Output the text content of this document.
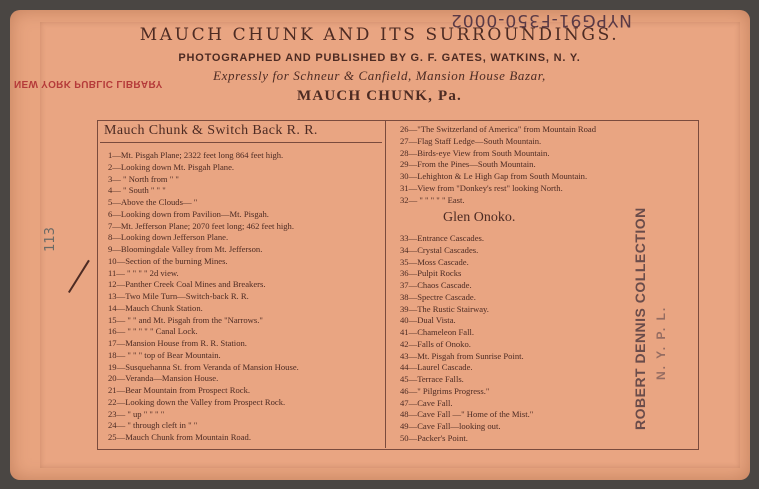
NYPG91-F350-0002
NEW YORK PUBLIC LIBRARY
MAUCH CHUNK AND ITS SURROUNDINGS.
PHOTOGRAPHED AND PUBLISHED BY G. F. GATES, WATKINS, N. Y.
Expressly for Schneur & Canfield, Mansion House Bazar,
MAUCH CHUNK, Pa.
113
Mauch Chunk & Switch Back R. R.
1—Mt. Pisgah Plane; 2322 feet long 864 feet high.
2—Looking down Mt. Pisgah Plane.
3— " North from " "
4— " South " " "
5—Above the Clouds— "
6—Looking down from Pavilion—Mt. Pisgah.
7—Mt. Jefferson Plane; 2070 feet long; 462 feet high.
8—Looking down Jefferson Plane.
9—Bloomingdale Valley from Mt. Jefferson.
10—Section of the burning Mines.
11— " " " " 2d view.
12—Panther Creek Coal Mines and Breakers.
13—Two Mile Turn—Switch-back R. R.
14—Mauch Chunk Station.
15— " " and Mt. Pisgah from the "Narrows."
16— " " " " " Canal Lock.
17—Mansion House from R. R. Station.
18— " " " top of Bear Mountain.
19—Susquehanna St. from Veranda of Mansion House.
20—Veranda—Mansion House.
21—Bear Mountain from Prospect Rock.
22—Looking down the Valley from Prospect Rock.
23— " up " " " "
24— " through cleft in " "
25—Mauch Chunk from Mountain Road.
26—"The Switzerland of America" from Mountain Road
27—Flag Staff Ledge—South Mountain.
28—Birds-eye View from South Mountain.
29—From the Pines—South Mountain.
30—Lehighton & Le High Gap from South Mountain.
31—View from "Donkey's rest" looking North.
32— " " " " " East.
Glen Onoko.
33—Entrance Cascades.
34—Crystal Cascades.
35—Moss Cascade.
36—Pulpit Rocks
37—Chaos Cascade.
38—Spectre Cascade.
39—The Rustic Stairway.
40—Dual Vista.
41—Chameleon Fall.
42—Falls of Onoko.
43—Mt. Pisgah from Sunrise Point.
44—Laurel Cascade.
45—Terrace Falls.
46—" Pilgrims Progress."
47—Cave Fall.
48—Cave Fall —" Home of the Mist."
49—Cave Fall—looking out.
50—Packer's Point.
ROBERT DENNIS COLLECTION N. Y. P. L.
